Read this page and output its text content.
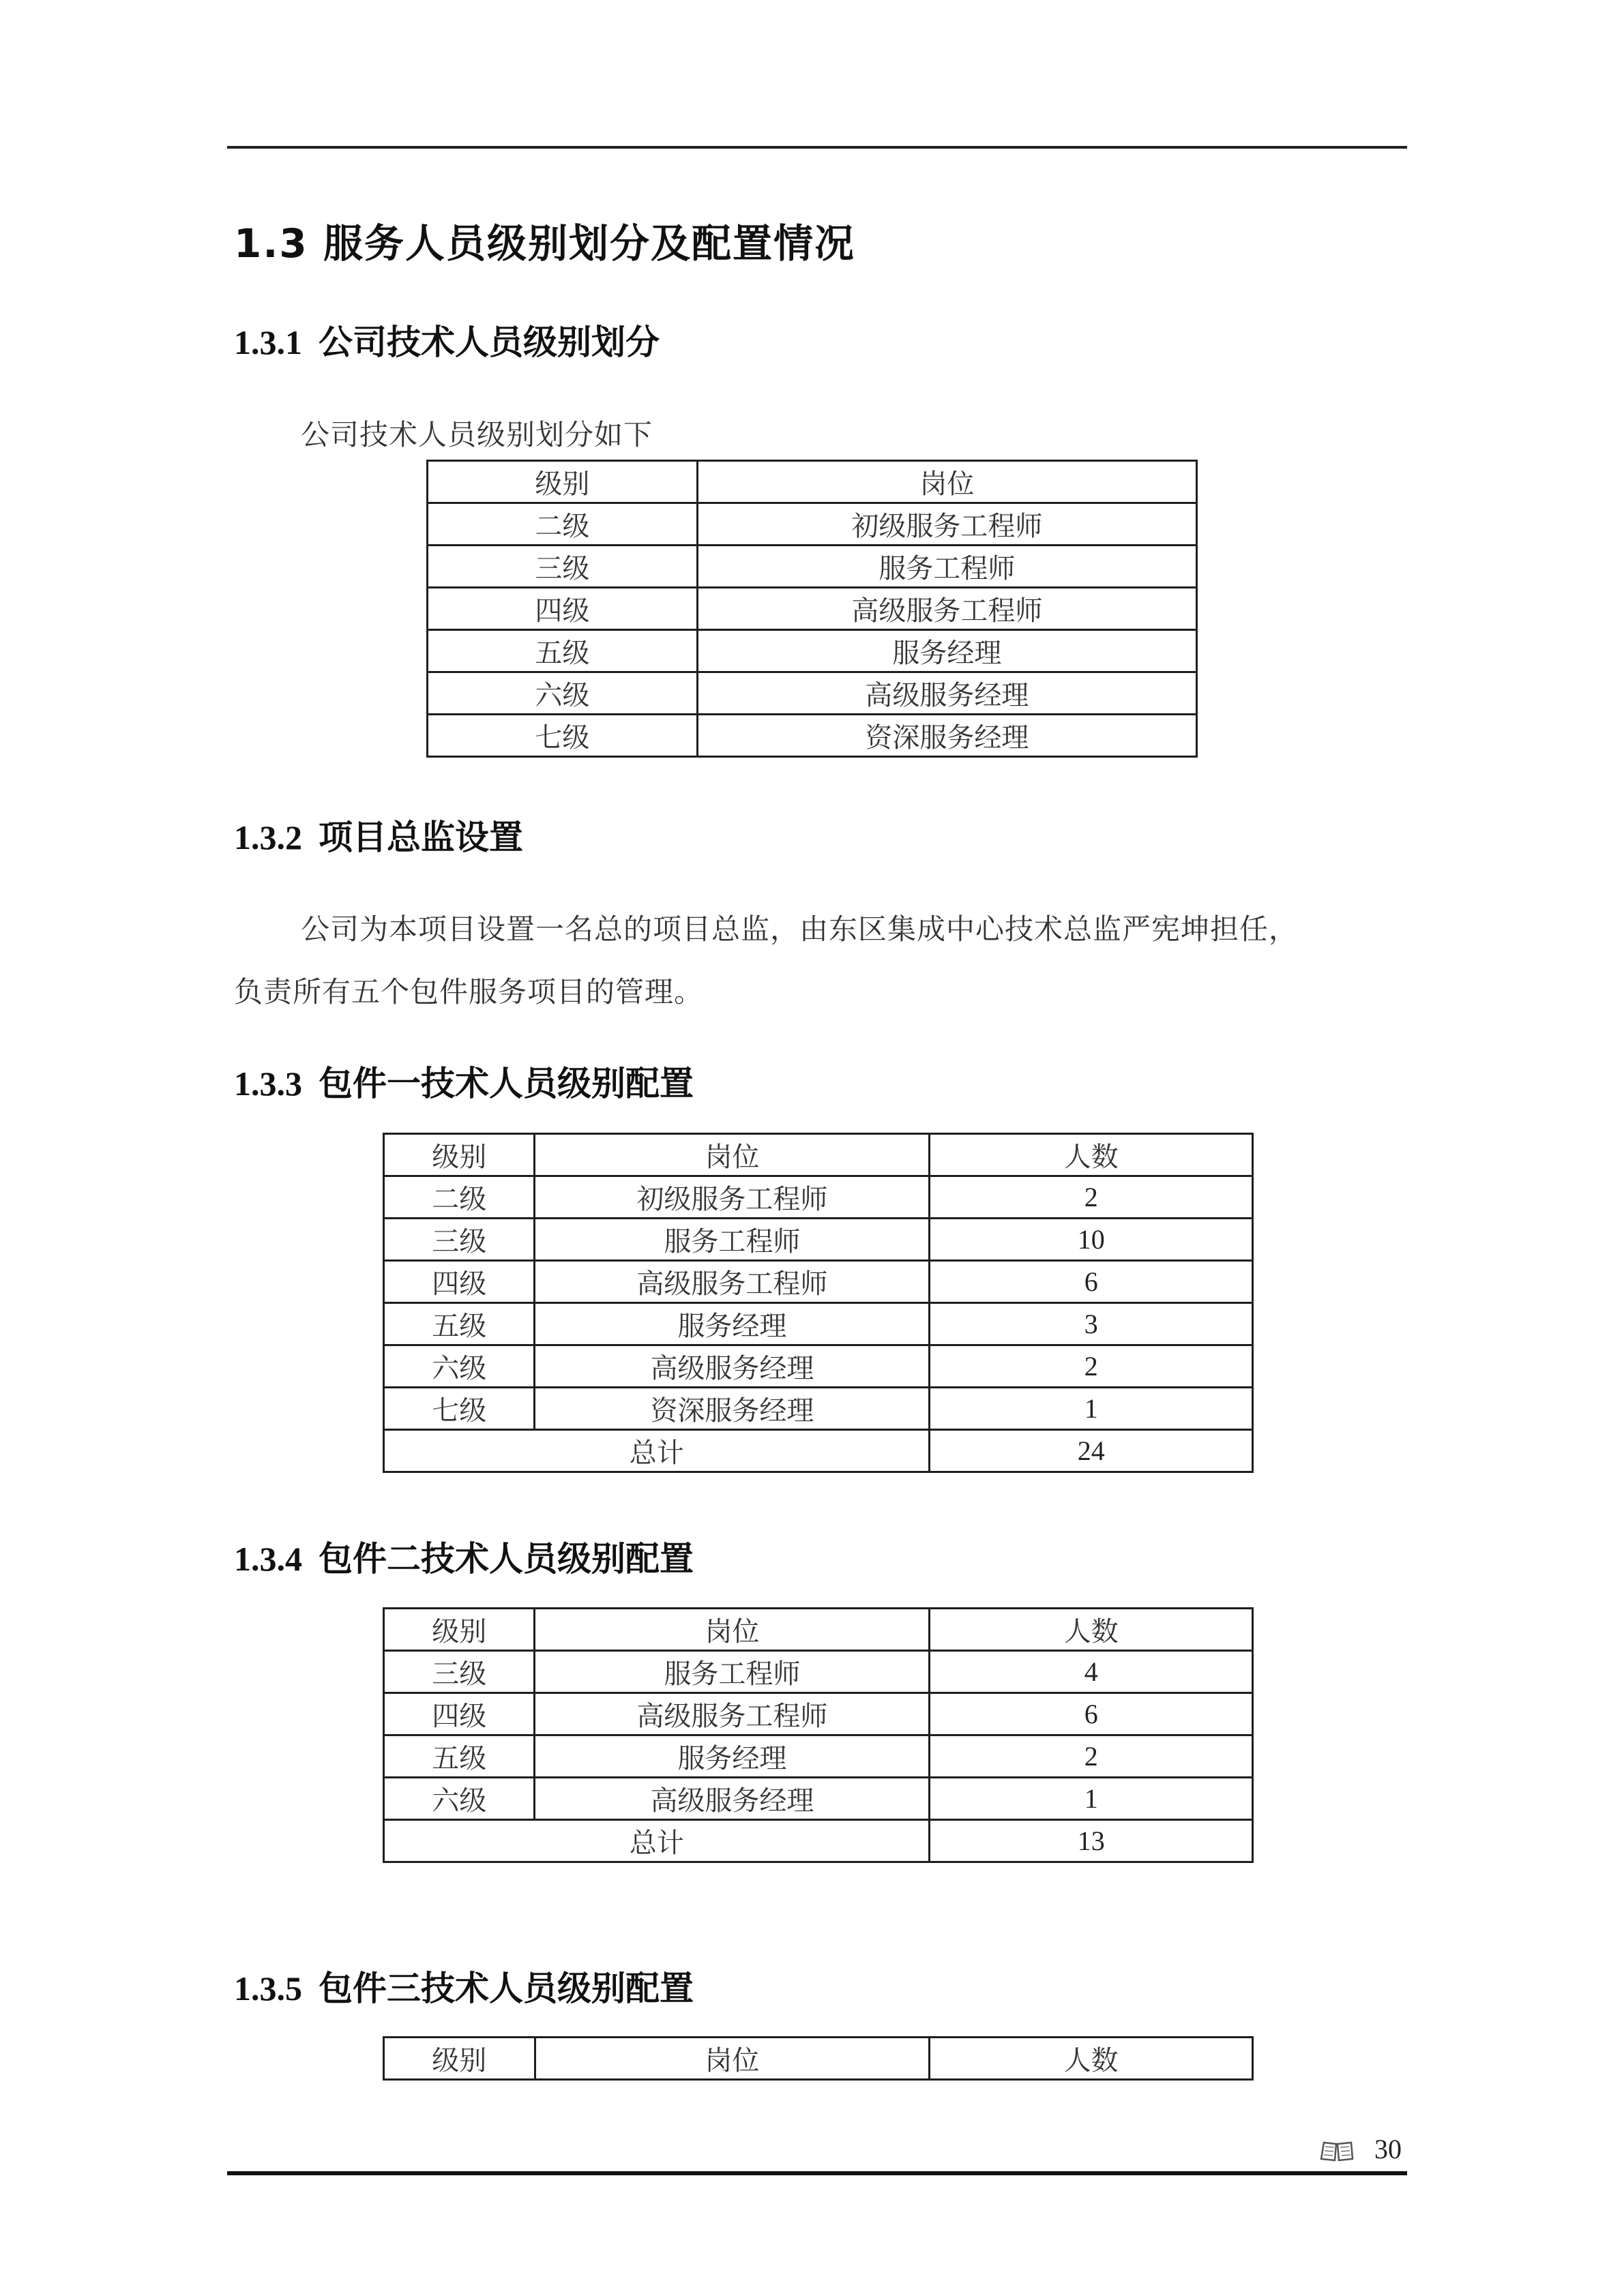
1.3 服务人员级别划分及配置情况
1.3.1 公司技术人员级别划分
公司技术人员级别划分如下
级别	岗位
二级	初级服务工程师
三级	服务工程师
四级	高级服务工程师
五级	服务经理
六级	高级服务经理
七级	资深服务经理
1.3.2 项目总监设置
公司为本项目设置一名总的项目总监，由东区集成中心技术总监严宪坤担任，
负责所有五个包件服务项目的管理。
1.3.3 包件一技术人员级别配置
级别	岗位	人数
二级	初级服务工程师	2
三级	服务工程师	10
四级	高级服务工程师	6
五级	服务经理	3
六级	高级服务经理	2
七级	资深服务经理	1
总计		24
1.3.4 包件二技术人员级别配置
级别	岗位	人数
三级	服务工程师	4
四级	高级服务工程师	6
五级	服务经理	2
六级	高级服务经理	1
总计		13
1.3.5 包件三技术人员级别配置
级别	岗位	人数
30
